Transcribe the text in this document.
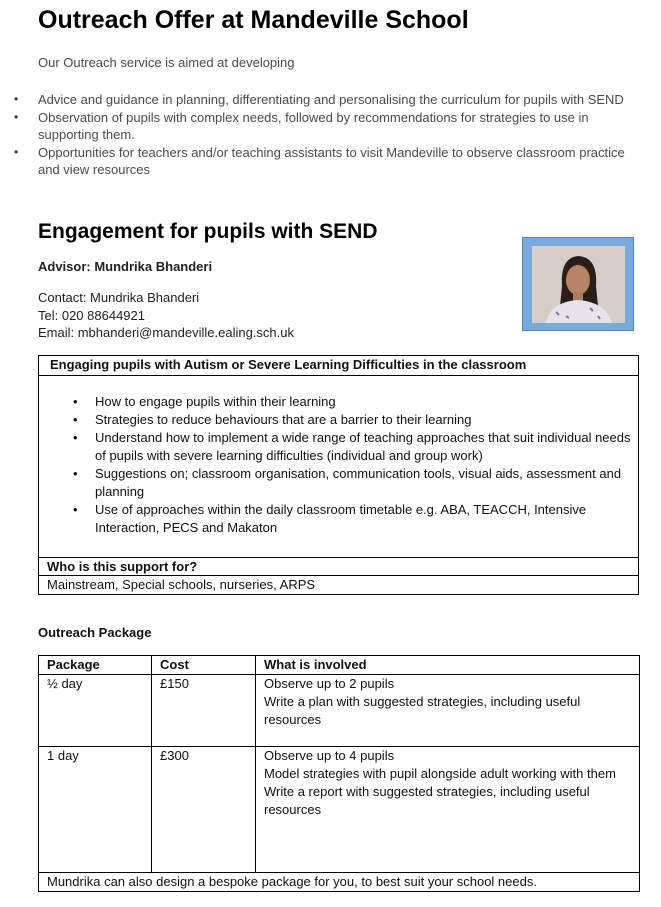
Outreach Offer at Mandeville School
Our Outreach service is aimed at developing
• Advice and guidance in planning, differentiating and personalising the curriculum for pupils with SEND
• Observation of pupils with complex needs, followed by recommendations for strategies to use in supporting them.
• Opportunities for teachers and/or teaching assistants to visit Mandeville to observe classroom practice and view resources
Engagement for pupils with SEND
Advisor: Mundrika Bhanderi
Contact: Mundrika Bhanderi
Tel: 020 88644921
Email: mbhanderi@mandeville.ealing.sch.uk
Engaging pupils with Autism or Severe Learning Difficulties in the classroom
• How to engage pupils within their learning
• Strategies to reduce behaviours that are a barrier to their learning
• Understand how to implement a wide range of teaching approaches that suit individual needs of pupils with severe learning difficulties (individual and group work)
• Suggestions on; classroom organisation, communication tools, visual aids, assessment and planning
• Use of approaches within the daily classroom timetable e.g. ABA, TEACCH, Intensive Interaction, PECS and Makaton
Who is this support for?
Mainstream, Special schools, nurseries, ARPS
Outreach Package
Package	Cost	What is involved
½ day	£150	Observe up to 2 pupils
Write a plan with suggested strategies, including useful resources

1 day	£300	Observe up to 4 pupils
Model strategies with pupil alongside adult working with them
Write a report with suggested strategies, including useful resources

Mundrika can also design a bespoke package for you, to best suit your school needs.		
